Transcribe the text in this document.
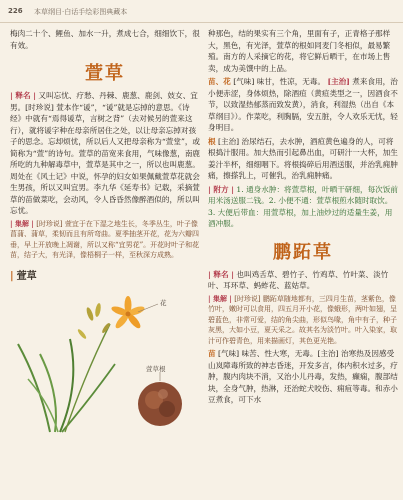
226 本草纲目·白话手绘彩图典藏本

梅肉二十个、鲤鱼、加水一升，煮成七合，细细饮下，很有效。

萱草

| 释名 | 又叫忘忧、疗愁、丹棘、鹿葱、鹿剑、妓女、宜男。[时珍说] 萱本作“谖”，“谖”就是忘掉的意思。《诗经》中就有“焉得谖草，言树之背”（去对候另的萱来这行），就将谖字种在母亲所居住之处，以让母亲忘掉对孩子的思念。忘却烦忧，所以后人又把母亲称为“萱堂”，或简称为“萱”的诗句。萱草的苗宽来食用，气味像葱，南鹿所吃的九种解毒草中，萱草是其中之一，所以也叫鹿葱。周处在《风土记》中说，怀孕的妇女如果佩戴萱草花就会生男孩，所以又叫宜男。李九华《延寿书》记载，采摘萱草的苗做菜吃，会动风，令人昏昏然像醉酒似的，所以叫忘忧。

| 集解 | [时珍说] 萱宜于在下湿之地生长，冬季丛生，叶子像菖蒲、蒲草，柔韧而且有所弯曲。夏季抽茎开花，花为六瓣四垂，早上开放晚上凋谢，所以又称“宜男花”。开花时叶子和花苗，结子大，有光泽，像梧桐子一样，至秋深方成熟。

| 萱草
花
萱草根

种那色，结的果实有三个角，里面有子，正青格子那样大，黑色，有光泽，萱草的根如同麦门冬相似，最易繁殖。南方的人采摘它的花，将它鲜后晒干，在市场上售卖，成为美馔中的上品。

苗、花 [气味] 味甘，性凉，无毒。 [主治] 煮来食用，治小便赤涩，身体烦热，除酒疸（黄疸类型之一，因酒食不节，以致湿热郁蒸而致发黄），消食，利湿热（出自《本草纲目》）。作菜吃，利胸膈，安五脏，令人欢乐无忧，轻身明目。

根 [主治] 治尿结石，去水肿，酒疸黄色遍身的人，可将根捣汁服用。加大热而引起鼻出血，可研汁一大杯，加生姜汁半杯，细细咽下。将根捣碎后用酒送服，并治乳痈肿痛，擦搽乳上，可催乳，治乳痈肿痛。

| 附方 | 1. 通身水肿：将萱草根，叶晒干研细，每次饭前用米汤送服二钱。2. 小便不通：萱草根煎水随时取饮。3. 大便后带血：用萱草根，加上油炒过的适量生姜，用酒冲服。

鹏跖草

| 释名 | 也叫鸡舌草、碧竹子、竹鸡草、竹叶菜、淡竹叶、耳环草、蚂蚱花、蓝姑草。

| 集解 | [时珍说] 鹏跖草随地都有，三四月生苗，茎紫色，像竹叶，嫩时可以食用，四五月开小花，像蛾形，两叶如翅，呈碧蓝色，非常可爱，结的角尖曲，形似鸟喙，角中有子，种子灰黑，大如小豆，夏天采之。故其名为淡竹叶。叶入染家，取汁可作碧青色，用来描画灯，其色更光艳。

苗 [气味] 味苦、性大寒，无毒。[主治] 治寒热及因感受山岚障毒所致的神志昏迷，开发多言，体内积水过多，疗肿，腹内肉块不消，又治小儿丹毒，发热，癫痫，腹部结块，全身气肿，热淋，还治蛇犬咬伤、痈疽等毒。和赤小豆煮食，可下水
